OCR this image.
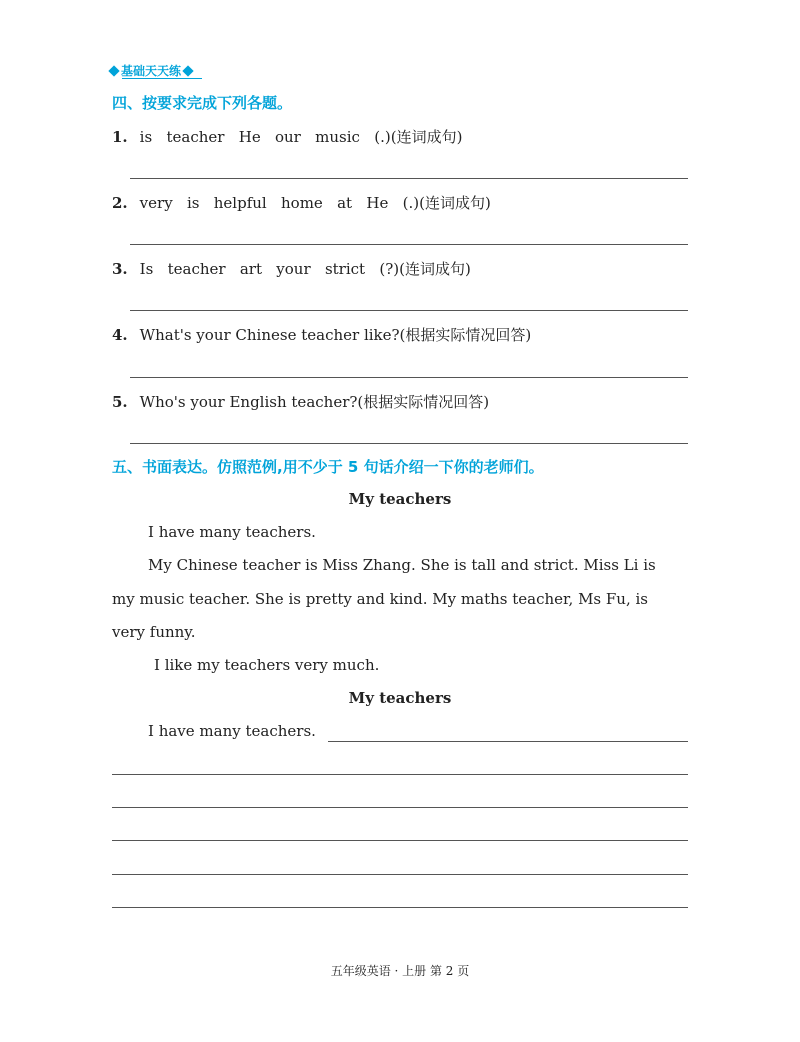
基础天天练
四、按要求完成下列各题。
1. is   teacher   He   our   music   (.)(连词成句)
2. very   is   helpful   home   at   He   (.)(连词成句)
3. Is   teacher   art   your   strict   (?)(连词成句)
4. What's your Chinese teacher like?(根据实际情况回答)
5. Who's your English teacher?(根据实际情况回答)
五、书面表达。仿照范例,用不少于 5 句话介绍一下你的老师们。
My teachers
I have many teachers.
My Chinese teacher is Miss Zhang. She is tall and strict. Miss Li is
my music teacher. She is pretty and kind. My maths teacher, Ms Fu, is
very funny.
I like my teachers very much.
My teachers
I have many teachers.
五年级英语 · 上册 第 2 页
